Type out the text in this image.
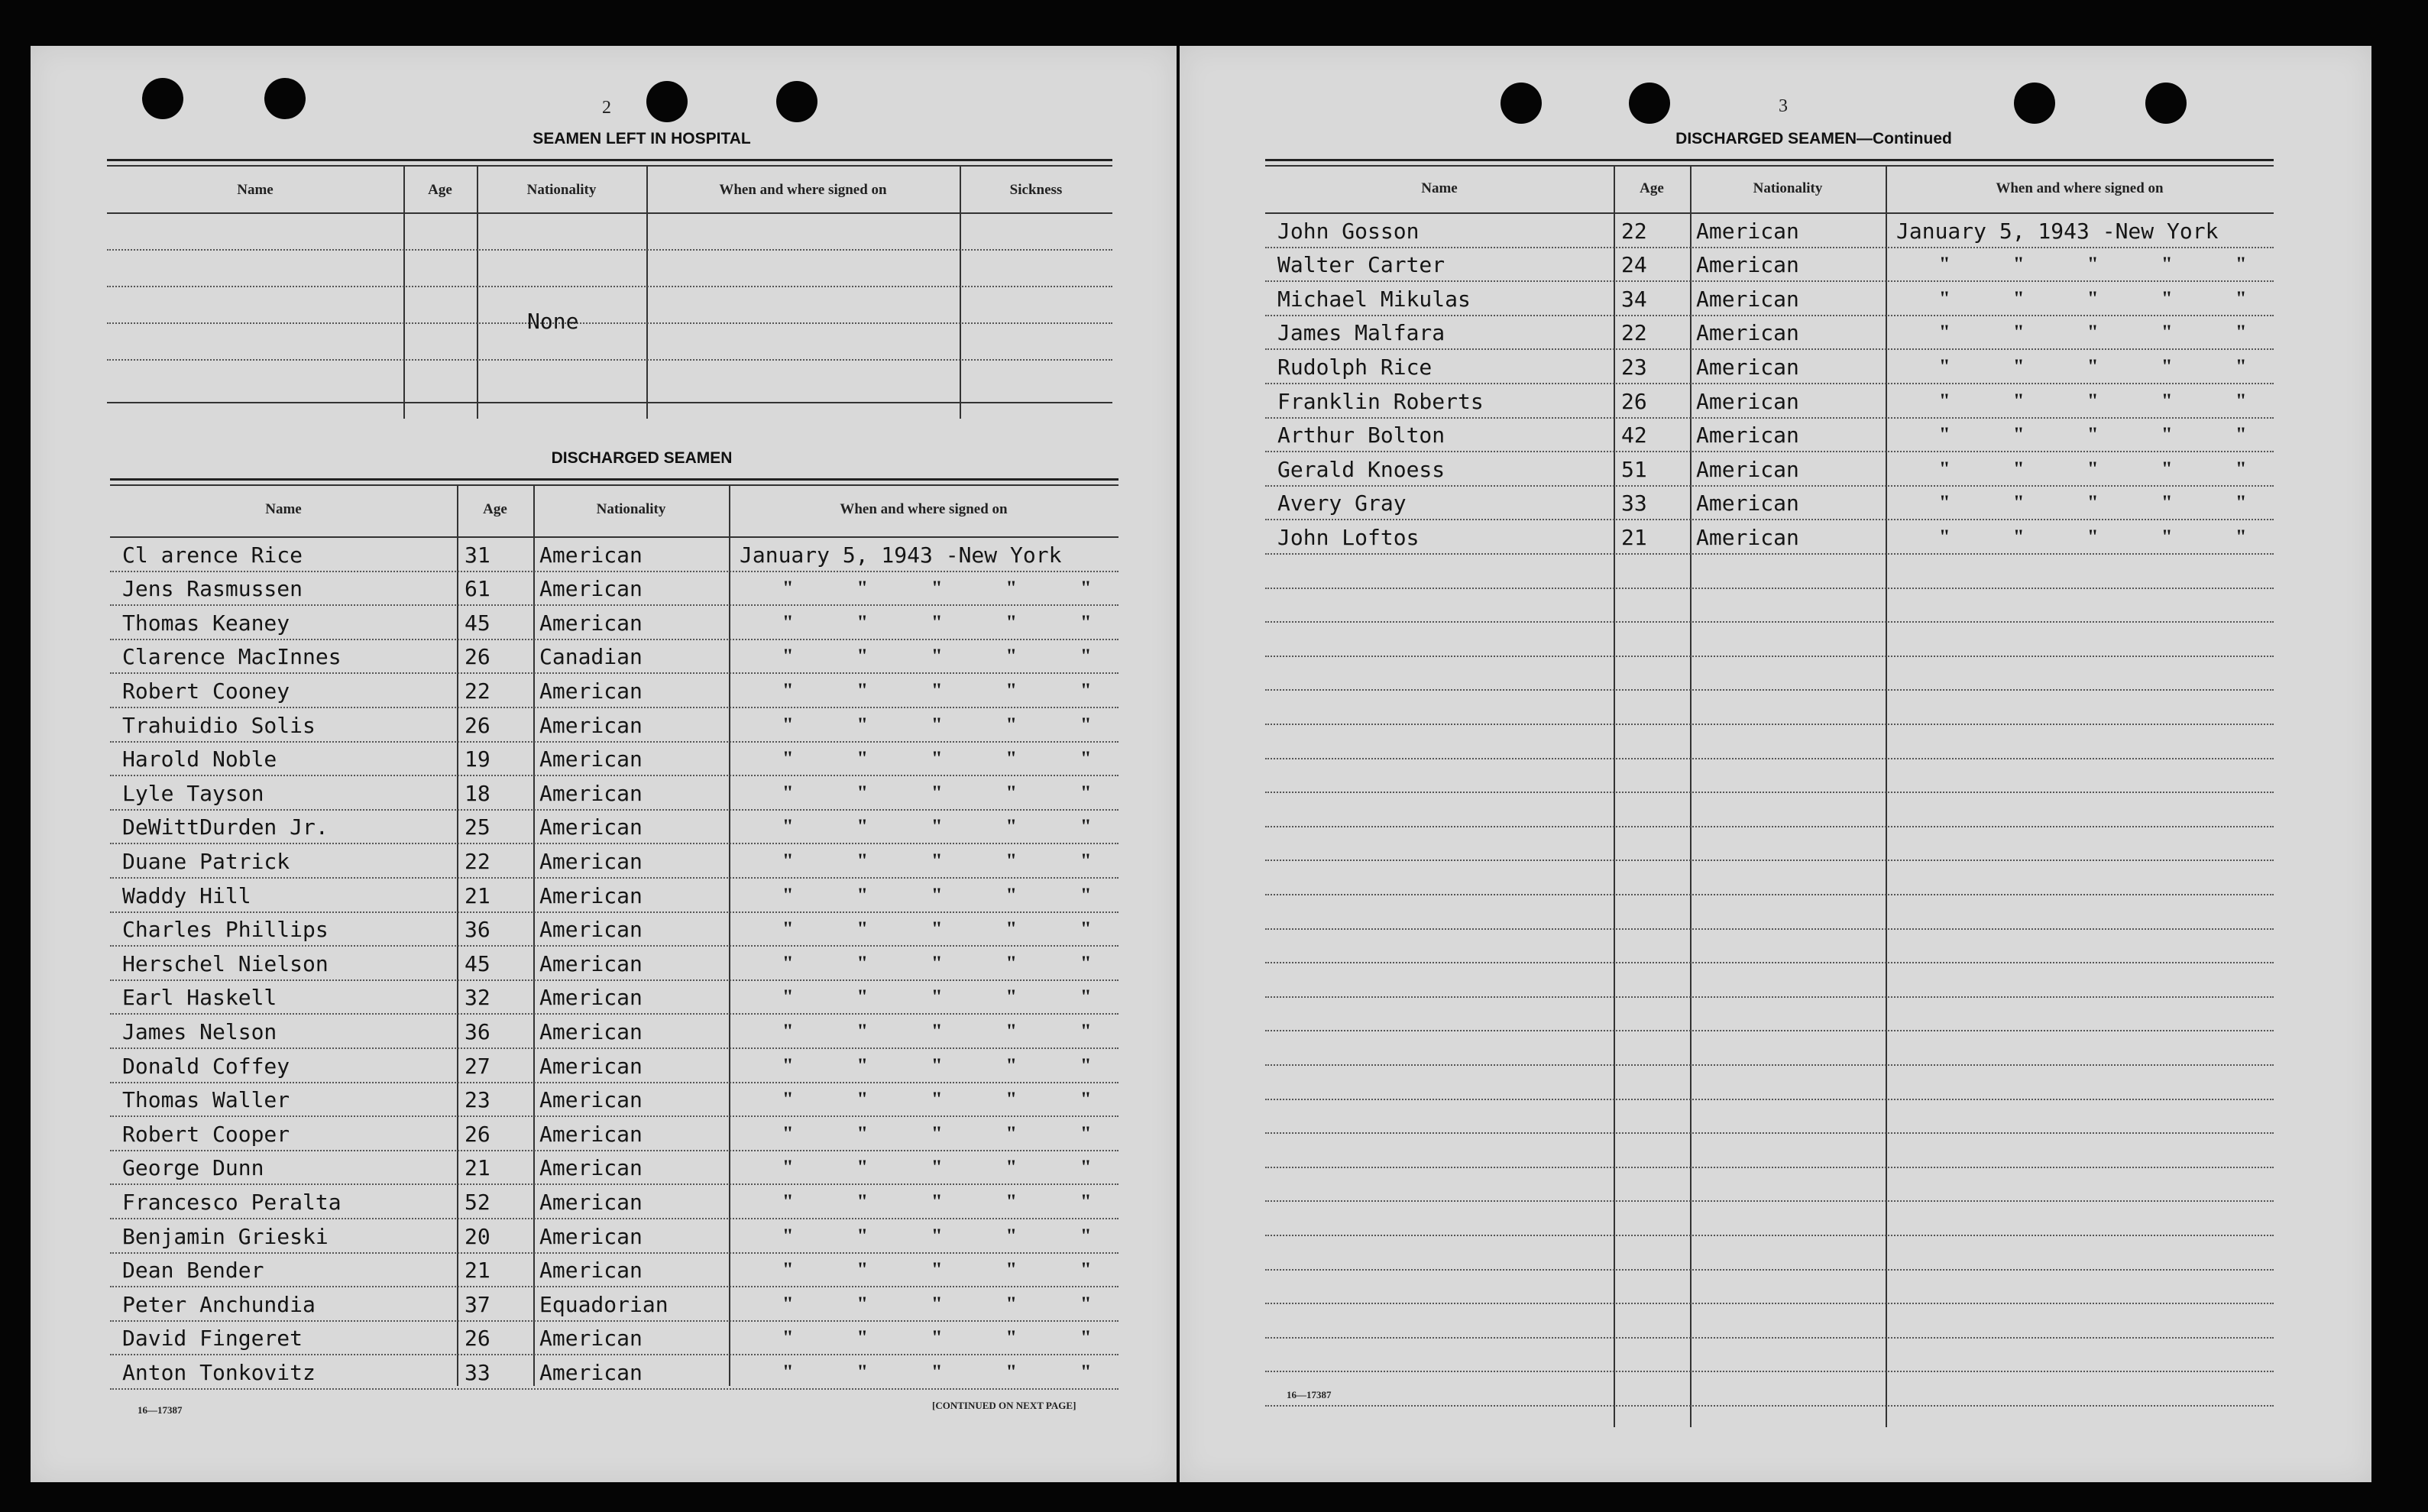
2
SEAMEN LEFT IN HOSPITAL
Name	Age	Nationality	When and where signed on	Sickness
None
DISCHARGED SEAMEN
Name	Age	Nationality	When and where signed on
Cl arence Rice	31 American	January 5, 1943 -New York
Jens Rasmussen	61 American	"	"	"	"	"
Thomas Keaney	45 American	"	"	"	"	"
Clarence MacInnes	26 Canadian	"	"	"	"	"
Robert Cooney	22 American	"	"	"	"	"
Trahuidio Solis	26 American	"	"	"	"	"
Harold Noble	19 American	"	"	"	"	"
Lyle Tayson	18 American	"	"	"	"	"
DeWittDurden Jr.	25 American	"	"	"	"	"
Duane Patrick	22 American	"	"	"	"	"
Waddy Hill	21 American	"	"	"	"	"
Charles Phillips	36 American	"	"	"	"	"
Herschel Nielson	45 American	"	"	"	"	"
Earl Haskell	32 American	"	"	"	"	"
James Nelson	36 American	"	"	"	"	"
Donald Coffey	27 American	"	"	"	"	"
Thomas Waller	23 American	"	"	"	"	"
Robert Cooper	26 American	"	"	"	"	"
George Dunn	21 American	"	"	"	"	"
Francesco Peralta	52 American	"	"	"	"	"
Benjamin Grieski	20 American	"	"	"	"	"
Dean Bender	21 American	"	"	"	"	"
Peter Anchundia	37 Equadorian	"	"	"	"	"
David Fingeret	26 American	"	"	"	"	"
Anton Tonkovitz	33 American	"	"	"	"	"
16—17387	[CONTINUED ON NEXT PAGE]
3
DISCHARGED SEAMEN—Continued
Name	Age	Nationality	When and where signed on
John Gosson	22 American	January 5, 1943 -New York
Walter Carter	24 American	"	"	"	"	"
Michael Mikulas	34 American	"	"	"	"	"
James Malfara	22 American	"	"	"	"	"
Rudolph Rice	23 American	"	"	"	"	"
Franklin Roberts	26 American	"	"	"	"	"
Arthur Bolton	42 American	"	"	"	"	"
Gerald Knoess	51 American	"	"	"	"	"
Avery Gray	33 American	"	"	"	"	"
John Loftos	21 American	"	"	"	"	"
16—17387
